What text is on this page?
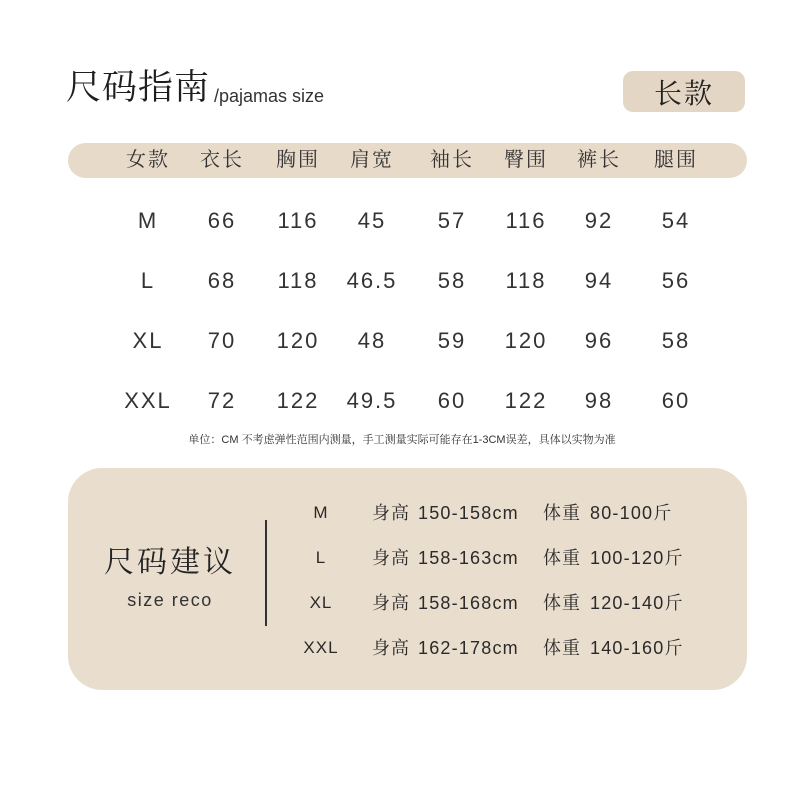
尺码指南 /pajamas size	长款
女款	衣长	胸围	肩宽	袖长	臀围	裤长	腿围
M	66	116	45	57	116	92	54
L	68	118	46.5	58	118	94	56
XL	70	120	48	59	120	96	58
XXL	72	122	49.5	60	122	98	60
单位：CM 不考虑弹性范围内测量，手工测量实际可能存在1-3CM误差，具体以实物为准
尺码建议
size reco
M	身高 150-158cm 体重 80-100斤
L	身高 158-163cm 体重 100-120斤
XL	身高 158-168cm 体重 120-140斤
XXL	身高 162-178cm 体重 140-160斤
